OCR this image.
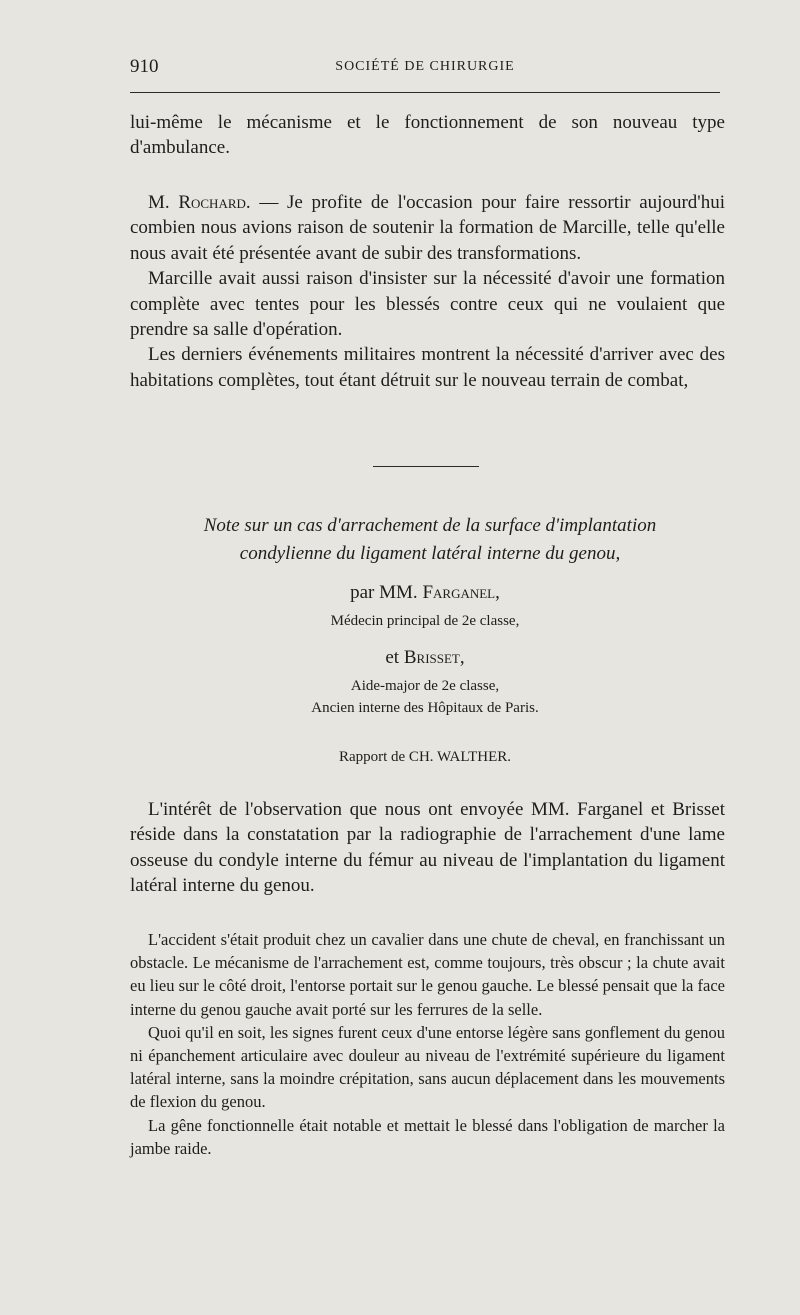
910	SOCIÉTÉ DE CHIRURGIE

lui-même le mécanisme et le fonctionnement de son nouveau type d'ambulance.

M. Rochard. — Je profite de l'occasion pour faire ressortir aujourd'hui combien nous avions raison de soutenir la formation de Marcille, telle qu'elle nous avait été présentée avant de subir des transformations.

Marcille avait aussi raison d'insister sur la nécessité d'avoir une formation complète avec tentes pour les blessés contre ceux qui ne voulaient que prendre sa salle d'opération.

Les derniers événements militaires montrent la nécessité d'arriver avec des habitations complètes, tout étant détruit sur le nouveau terrain de combat,

Note sur un cas d'arrachement de la surface d'implantation
condylienne du ligament latéral interne du genou,
par MM. Farganel,
Médecin principal de 2e classe,
et Brisset,
Aide-major de 2e classe,
Ancien interne des Hôpitaux de Paris.
Rapport de CH. WALTHER.

L'intérêt de l'observation que nous ont envoyée MM. Farganel et Brisset réside dans la constatation par la radiographie de l'arrachement d'une lame osseuse du condyle interne du fémur au niveau de l'implantation du ligament latéral interne du genou.

L'accident s'était produit chez un cavalier dans une chute de cheval, en franchissant un obstacle. Le mécanisme de l'arrachement est, comme toujours, très obscur ; la chute avait eu lieu sur le côté droit, l'entorse portait sur le genou gauche. Le blessé pensait que la face interne du genou gauche avait porté sur les ferrures de la selle.

Quoi qu'il en soit, les signes furent ceux d'une entorse légère sans gonflement du genou ni épanchement articulaire avec douleur au niveau de l'extrémité supérieure du ligament latéral interne, sans la moindre crépitation, sans aucun déplacement dans les mouvements de flexion du genou.

La gêne fonctionnelle était notable et mettait le blessé dans l'obligation de marcher la jambe raide.
